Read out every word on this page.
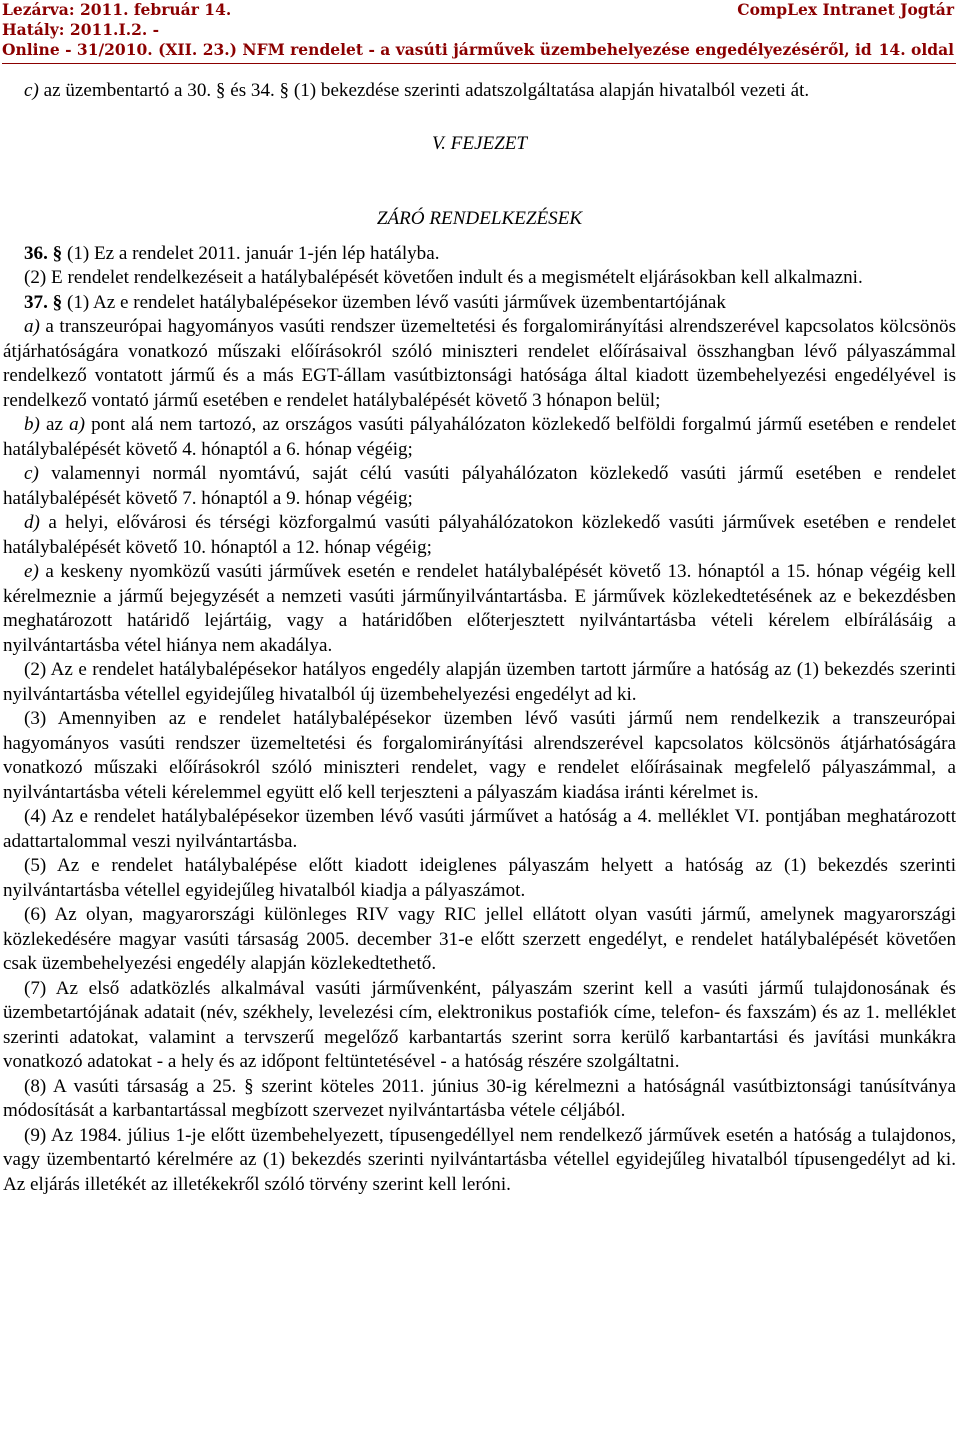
Lezárva: 2011. február 14.	CompLex Intranet Jogtár
Hatály: 2011.I.2. -
Online - 31/2010. (XII. 23.) NFM rendelet - a vasúti járművek üzembehelyezése engedélyezéséről, id 14. oldal

c) az üzembentartó a 30. § és 34. § (1) bekezdése szerinti adatszolgáltatása alapján hivatalból vezeti át.

V. FEJEZET

ZÁRÓ RENDELKEZÉSEK

36. § (1) Ez a rendelet 2011. január 1-jén lép hatályba.

(2) E rendelet rendelkezéseit a hatálybalépését követően indult és a megismételt eljárásokban kell alkalmazni.

37. § (1) Az e rendelet hatálybalépésekor üzemben lévő vasúti járművek üzembentartójának

a) a transzeurópai hagyományos vasúti rendszer üzemeltetési és forgalomirányítási alrendszerével kapcsolatos kölcsönös átjárhatóságára vonatkozó műszaki előírásokról szóló miniszteri rendelet előírásaival összhangban lévő pályaszámmal rendelkező vontatott jármű és a más EGT-állam vasútbiztonsági hatósága által kiadott üzembehelyezési engedélyével is rendelkező vontató jármű esetében e rendelet hatálybalépését követő 3 hónapon belül;

b) az a) pont alá nem tartozó, az országos vasúti pályahálózaton közlekedő belföldi forgalmú jármű esetében e rendelet hatálybalépését követő 4. hónaptól a 6. hónap végéig;

c) valamennyi normál nyomtávú, saját célú vasúti pályahálózaton közlekedő vasúti jármű esetében e rendelet hatálybalépését követő 7. hónaptól a 9. hónap végéig;

d) a helyi, elővárosi és térségi közforgalmú vasúti pályahálózatokon közlekedő vasúti járművek esetében e rendelet hatálybalépését követő 10. hónaptól a 12. hónap végéig;

e) a keskeny nyomközű vasúti járművek esetén e rendelet hatálybalépését követő 13. hónaptól a 15. hónap végéig kell kérelmeznie a jármű bejegyzését a nemzeti vasúti járműnyilvántartásba. E járművek közlekedtetésének az e bekezdésben meghatározott határidő lejártáig, vagy a határidőben előterjesztett nyilvántartásba vételi kérelem elbírálásáig a nyilvántartásba vétel hiánya nem akadálya.

(2) Az e rendelet hatálybalépésekor hatályos engedély alapján üzemben tartott járműre a hatóság az (1) bekezdés szerinti nyilvántartásba vétellel egyidejűleg hivatalból új üzembehelyezési engedélyt ad ki.

(3) Amennyiben az e rendelet hatálybalépésekor üzemben lévő vasúti jármű nem rendelkezik a transzeurópai hagyományos vasúti rendszer üzemeltetési és forgalomirányítási alrendszerével kapcsolatos kölcsönös átjárhatóságára vonatkozó műszaki előírásokról szóló miniszteri rendelet, vagy e rendelet előírásainak megfelelő pályaszámmal, a nyilvántartásba vételi kérelemmel együtt elő kell terjeszteni a pályaszám kiadása iránti kérelmet is.

(4) Az e rendelet hatálybalépésekor üzemben lévő vasúti járművet a hatóság a 4. melléklet VI. pontjában meghatározott adattartalommal veszi nyilvántartásba.

(5) Az e rendelet hatálybalépése előtt kiadott ideiglenes pályaszám helyett a hatóság az (1) bekezdés szerinti nyilvántartásba vétellel egyidejűleg hivatalból kiadja a pályaszámot.

(6) Az olyan, magyarországi különleges RIV vagy RIC jellel ellátott olyan vasúti jármű, amelynek magyarországi közlekedésére magyar vasúti társaság 2005. december 31-e előtt szerzett engedélyt, e rendelet hatálybalépését követően csak üzembehelyezési engedély alapján közlekedtethető.

(7) Az első adatközlés alkalmával vasúti járművenként, pályaszám szerint kell a vasúti jármű tulajdonosának és üzembetartójának adatait (név, székhely, levelezési cím, elektronikus postafiók címe, telefon- és faxszám) és az 1. melléklet szerinti adatokat, valamint a tervszerű megelőző karbantartás szerint sorra kerülő karbantartási és javítási munkákra vonatkozó adatokat - a hely és az időpont feltüntetésével - a hatóság részére szolgáltatni.

(8) A vasúti társaság a 25. § szerint köteles 2011. június 30-ig kérelmezni a hatóságnál vasútbiztonsági tanúsítványa módosítását a karbantartással megbízott szervezet nyilvántartásba vétele céljából.

(9) Az 1984. július 1-je előtt üzembehelyezett, típusengedéllyel nem rendelkező járművek esetén a hatóság a tulajdonos, vagy üzembentartó kérelmére az (1) bekezdés szerinti nyilvántartásba vétellel egyidejűleg hivatalból típusengedélyt ad ki. Az eljárás illetékét az illetékekről szóló törvény szerint kell leróni.
